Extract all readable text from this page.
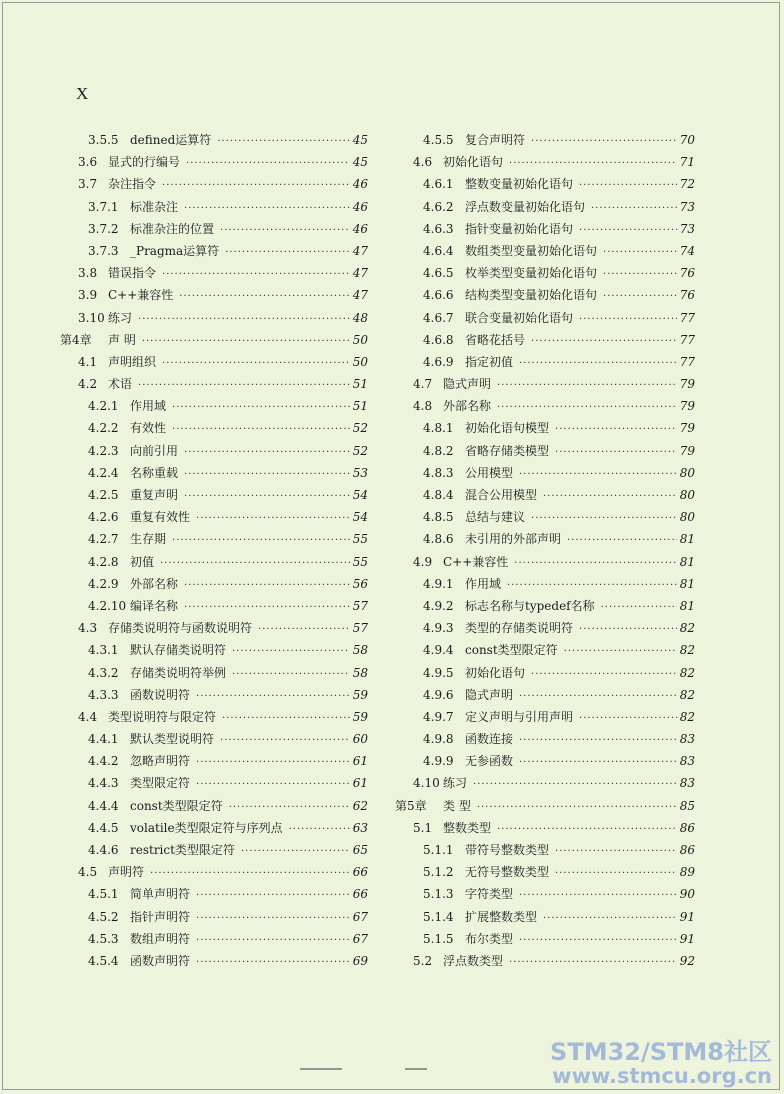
X
3.5.5 defined运算符 ·····	45
3.6 显式的行编号 ·····	45
3.7 杂注指令 ·····	46
3.7.1 标准杂注 ·····	46
3.7.2 标准杂注的位置 ·····	46
3.7.3 _Pragma运算符 ·····	47
3.8 错误指令 ·····	47
3.9 C++兼容性 ·····	47
3.10 练习 ·····	48
第4章	声 明 ·····	50
4.1 声明组织 ·····	50
4.2 术语 ·····	51
4.2.1 作用域 ·····	51
4.2.2 有效性 ·····	52
4.2.3 向前引用 ·····	52
4.2.4 名称重载 ·····	53
4.2.5 重复声明 ·····	54
4.2.6 重复有效性 ·····	54
4.2.7 生存期 ·····	55
4.2.8 初值 ·····	55
4.2.9 外部名称 ·····	56
4.2.10 编译名称 ·····	57
4.3 存储类说明符与函数说明符 ·····	57
4.3.1 默认存储类说明符 ·····	58
4.3.2 存储类说明符举例 ·····	58
4.3.3 函数说明符 ·····	59
4.4 类型说明符与限定符 ·····	59
4.4.1 默认类型说明符 ·····	60
4.4.2 忽略声明符 ·····	61
4.4.3 类型限定符 ·····	61
4.4.4 const类型限定符 ·····	62
4.4.5 volatile类型限定符与序列点 ·····	63
4.4.6 restrict类型限定符 ·····	65
4.5 声明符 ·····	66
4.5.1 简单声明符 ·····	66
4.5.2 指针声明符 ·····	67
4.5.3 数组声明符 ·····	67
4.5.4 函数声明符 ·····	69
4.5.5 复合声明符 ·····	70
4.6 初始化语句 ·····	71
4.6.1 整数变量初始化语句 ·····	72
4.6.2 浮点数变量初始化语句 ·····	73
4.6.3 指针变量初始化语句 ·····	73
4.6.4 数组类型变量初始化语句 ·····	74
4.6.5 枚举类型变量初始化语句 ·····	76
4.6.6 结构类型变量初始化语句 ·····	76
4.6.7 联合变量初始化语句 ·····	77
4.6.8 省略花括号 ·····	77
4.6.9 指定初值 ·····	77
4.7 隐式声明 ·····	79
4.8 外部名称 ·····	79
4.8.1 初始化语句模型 ·····	79
4.8.2 省略存储类模型 ·····	79
4.8.3 公用模型 ·····	80
4.8.4 混合公用模型 ·····	80
4.8.5 总结与建议 ·····	80
4.8.6 未引用的外部声明 ·····	81
4.9 C++兼容性 ·····	81
4.9.1 作用域 ·····	81
4.9.2 标志名称与typedef名称 ·····	81
4.9.3 类型的存储类说明符 ·····	82
4.9.4 const类型限定符 ·····	82
4.9.5 初始化语句 ·····	82
4.9.6 隐式声明 ·····	82
4.9.7 定义声明与引用声明 ·····	82
4.9.8 函数连接 ·····	83
4.9.9 无参函数 ·····	83
4.10 练习 ·····	83
第5章	类 型 ·····	85
5.1 整数类型 ·····	86
5.1.1 带符号整数类型 ·····	86
5.1.2 无符号整数类型 ·····	89
5.1.3 字符类型 ·····	90
5.1.4 扩展整数类型 ·····	91
5.1.5 布尔类型 ·····	91
5.2 浮点数类型 ·····	92
STM32/STM8社区
www.stmcu.org.cn
